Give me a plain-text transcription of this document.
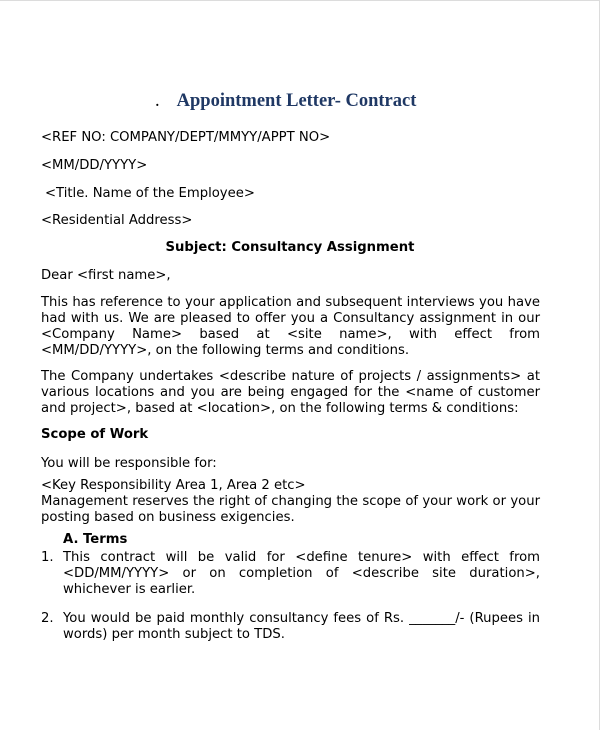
. Appointment Letter- Contract
<REF NO: COMPANY/DEPT/MMYY/APPT NO>
<MM/DD/YYYY>
<Title. Name of the Employee>
<Residential Address>
Subject: Consultancy Assignment
Dear <first name>,
This has reference to your application and subsequent interviews you have
had with us. We are pleased to offer you a Consultancy assignment in our
<Company Name> based at <site name>, with effect from
<MM/DD/YYYY>, on the following terms and conditions.
The Company undertakes <describe nature of projects / assignments> at
various locations and you are being engaged for the <name of customer
and project>, based at <location>, on the following terms & conditions:
Scope of Work
You will be responsible for:
<Key Responsibility Area 1, Area 2 etc>
Management reserves the right of changing the scope of your work or your
posting based on business exigencies.
A. Terms
1. This contract will be valid for <define tenure> with effect from
<DD/MM/YYYY> or on completion of <describe site duration>,
whichever is earlier.
2. You would be paid monthly consultancy fees of Rs. _______/- (Rupees in
words) per month subject to TDS.
